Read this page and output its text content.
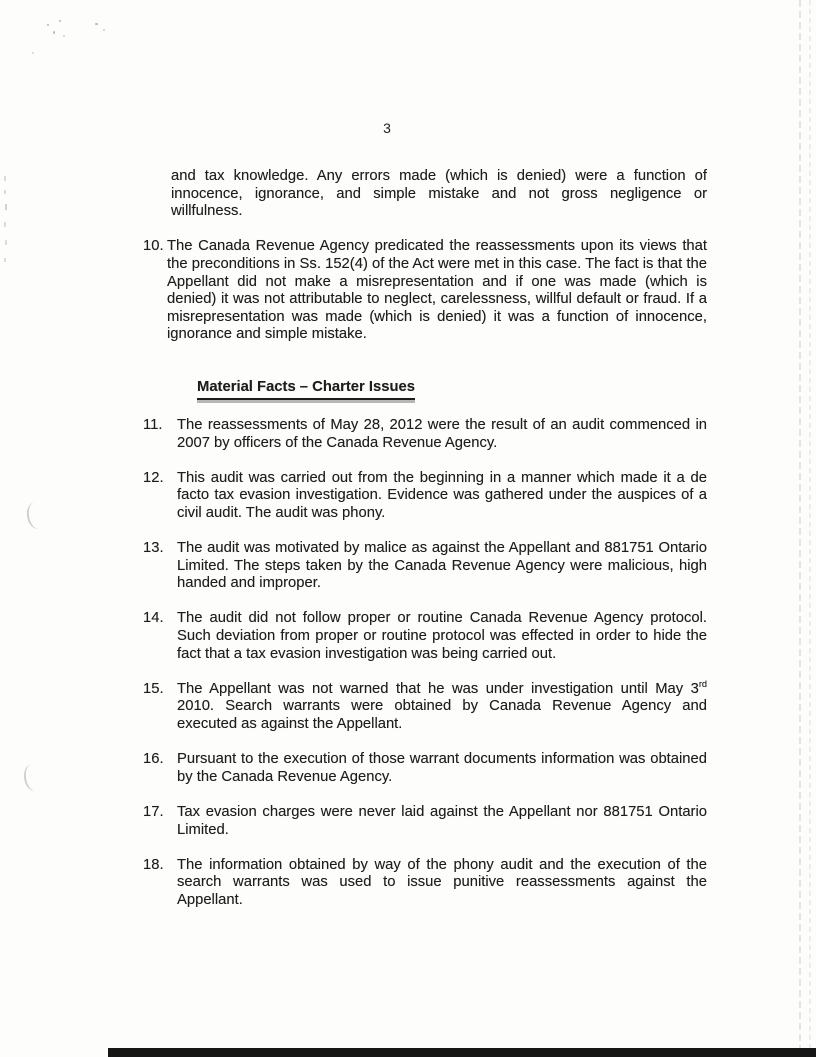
3
and tax knowledge. Any errors made (which is denied) were a function of innocence, ignorance, and simple mistake and not gross negligence or willfulness.
10. The Canada Revenue Agency predicated the reassessments upon its views that the preconditions in Ss. 152(4) of the Act were met in this case. The fact is that the Appellant did not make a misrepresentation and if one was made (which is denied) it was not attributable to neglect, carelessness, willful default or fraud. If a misrepresentation was made (which is denied) it was a function of innocence, ignorance and simple mistake.
Material Facts – Charter Issues
11. The reassessments of May 28, 2012 were the result of an audit commenced in 2007 by officers of the Canada Revenue Agency.
12. This audit was carried out from the beginning in a manner which made it a de facto tax evasion investigation. Evidence was gathered under the auspices of a civil audit. The audit was phony.
13. The audit was motivated by malice as against the Appellant and 881751 Ontario Limited. The steps taken by the Canada Revenue Agency were malicious, high handed and improper.
14. The audit did not follow proper or routine Canada Revenue Agency protocol. Such deviation from proper or routine protocol was effected in order to hide the fact that a tax evasion investigation was being carried out.
15. The Appellant was not warned that he was under investigation until May 3rd 2010. Search warrants were obtained by Canada Revenue Agency and executed as against the Appellant.
16. Pursuant to the execution of those warrant documents information was obtained by the Canada Revenue Agency.
17. Tax evasion charges were never laid against the Appellant nor 881751 Ontario Limited.
18. The information obtained by way of the phony audit and the execution of the search warrants was used to issue punitive reassessments against the Appellant.
